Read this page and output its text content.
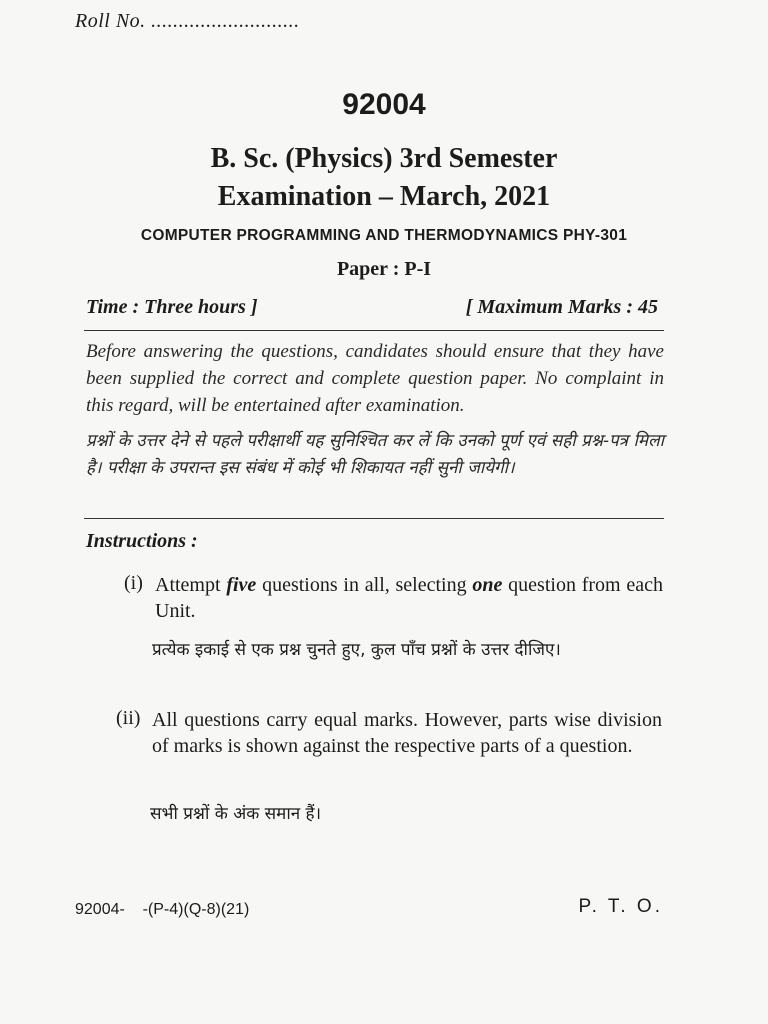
Roll No. ...........................
92004
B. Sc. (Physics) 3rd Semester
Examination – March, 2021
COMPUTER PROGRAMMING AND THERMODYNAMICS PHY-301
Paper : P-I
Time : Three hours ]	[ Maximum Marks : 45
Before answering the questions, candidates should ensure that they have been supplied the correct and complete question paper. No complaint in this regard, will be entertained after examination.
प्रश्नों के उत्तर देने से पहले परीक्षार्थी यह सुनिश्चित कर लें कि उनको पूर्ण एवं सही प्रश्न-पत्र मिला है। परीक्षा के उपरान्त इस संबंध में कोई भी शिकायत नहीं सुनी जायेगी।
Instructions :
(i) Attempt five questions in all, selecting one question from each Unit.
प्रत्येक इकाई से एक प्रश्न चुनते हुए, कुल पाँच प्रश्नों के उत्तर दीजिए।
(ii) All questions carry equal marks. However, parts wise division of marks is shown against the respective parts of a question.
सभी प्रश्नों के अंक समान हैं।
92004-    -(P-4)(Q-8)(21)	P. T. O.
